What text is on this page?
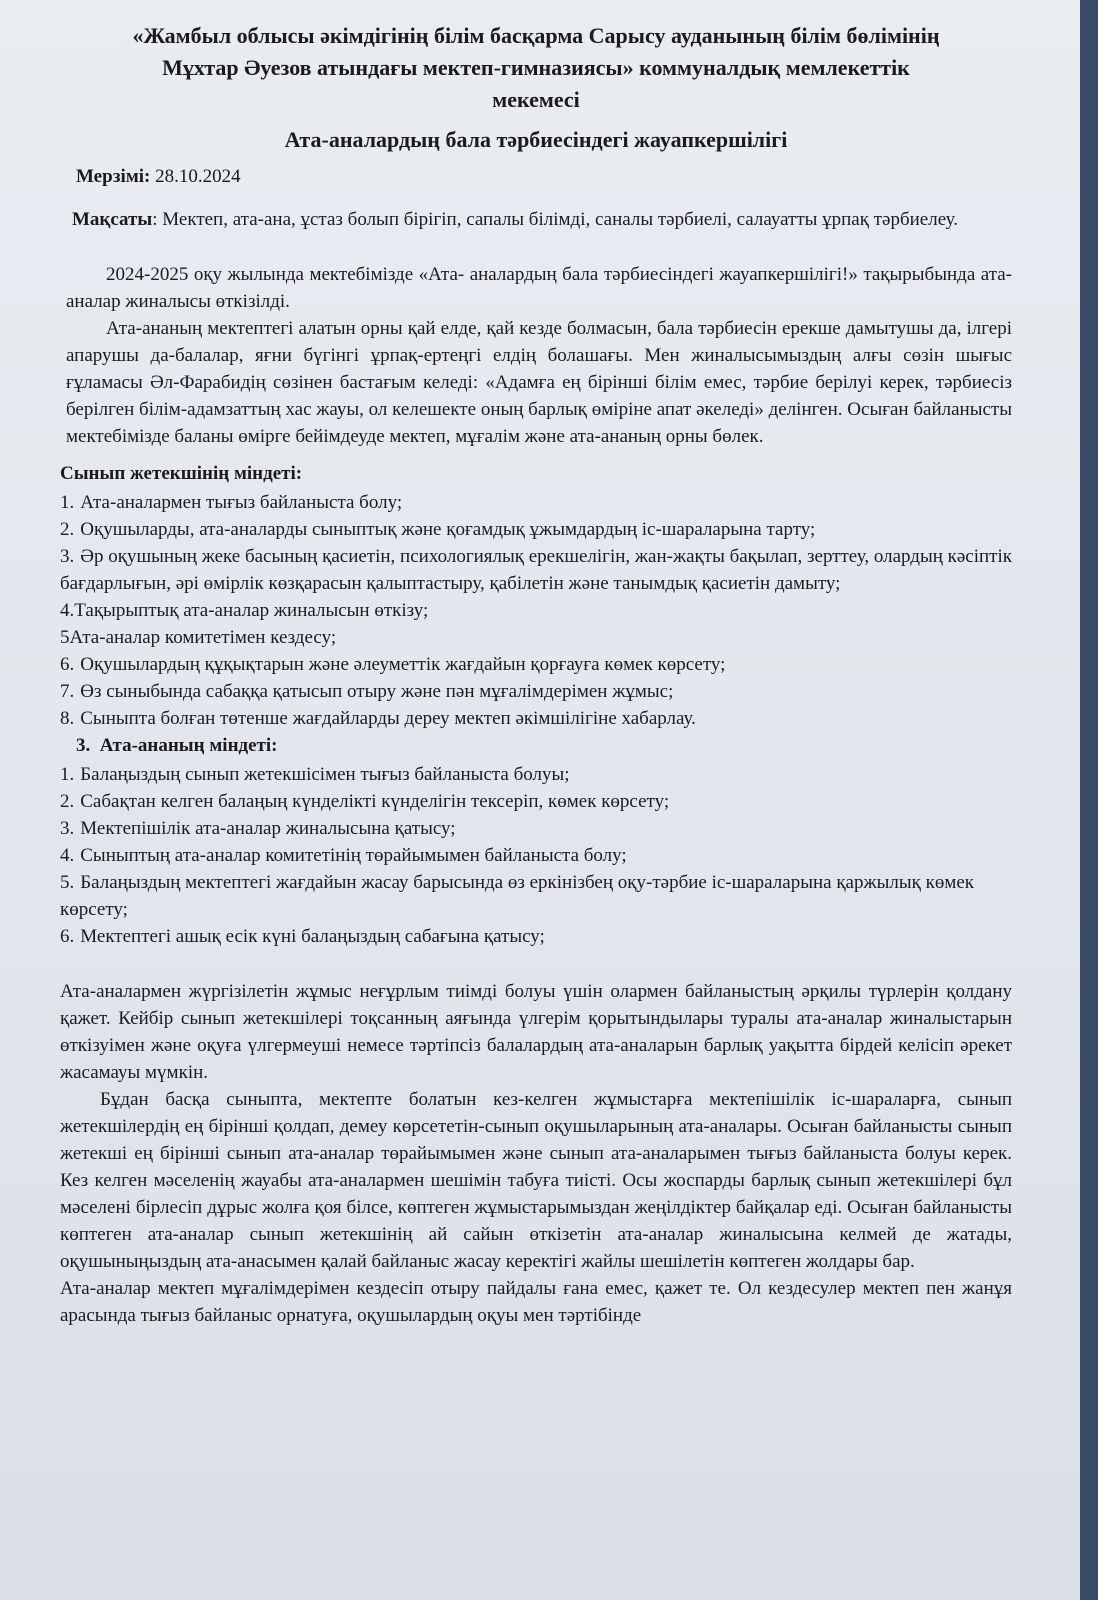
«Жамбыл облысы әкімдігінің білім басқарма Сарысу ауданының білім бөлімінің
Мұхтар Әуезов атындағы мектеп-гимназиясы» коммуналдық мемлекеттік
мекемесі
Ата-аналардың бала тәрбиесіндегі жауапкершілігі
Мерзімі: 28.10.2024
Мақсаты: Мектеп, ата-ана, ұстаз болып бірігіп, сапалы білімді, саналы тәрбиелі, салауатты ұрпақ тәрбиелеу.

2024-2025 оқу жылында мектебімізде «Ата- аналардың бала тәрбиесіндегі жауапкершілігі!» тақырыбында ата-аналар жиналысы өткізілді.

Ата-ананың мектептегі алатын орны қай елде, қай кезде болмасын, бала тәрбиесін ерекше дамытушы да, ілгері апарушы да-балалар, яғни бүгінгі ұрпақ-ертеңгі елдің болашағы. Мен жиналысымыздың алғы сөзін шығыс ғұламасы Әл-Фарабидің сөзінен бастағым келеді: «Адамға ең бірінші білім емес, тәрбие берілуі керек, тәрбиесіз берілген білім-адамзаттың хас жауы, ол келешекте оның барлық өміріне апат әкеледі» делінген. Осыған байланысты мектебімізде баланы өмірге бейімдеуде мектеп, мұғалім және ата-ананың орны бөлек.

Сынып жетекшінің міндеті:
1. Ата-аналармен тығыз байланыста болу;
2. Оқушыларды, ата-аналарды сыныптық және қоғамдық ұжымдардың іс-шараларына тарту;
3. Әр оқушының жеке басының қасиетін, психологиялық ерекшелігін, жан-жақты бақылап, зерттеу, олардың кәсіптік бағдарлығын, әрі өмірлік көзқарасын қалыптастыру, қабілетін және танымдық қасиетін дамыту;
4.Тақырыптық ата-аналар жиналысын өткізу;
5Ата-аналар комитетімен кездесу;
6. Оқушылардың құқықтарын және әлеуметтік жағдайын қорғауға көмек көрсету;
7. Өз сыныбында сабаққа қатысып отыру және пән мұғалімдерімен жұмыс;
8. Сыныпта болған төтенше жағдайларды дереу мектеп әкімшілігіне хабарлау.
3. Ата-ананың міндеті:
1. Балаңыздың сынып жетекшісімен тығыз байланыста болуы;
2. Сабақтан келген балаңың күнделікті күнделігін тексеріп, көмек көрсету;
3. Мектепішілік ата-аналар жиналысына қатысу;
4. Сыныптың ата-аналар комитетінің төрайымымен байланыста болу;
5. Балаңыздың мектептегі жағдайын жасау барысында өз еркінізбең оқу-тәрбие іс-шараларына қаржылық көмек көрсету;
6. Мектептегі ашық есік күні балаңыздың сабағына қатысу;

Ата-аналармен жүргізілетін жұмыс неғұрлым тиімді болуы үшін олармен байланыстың әрқилы түрлерін қолдану қажет. Кейбір сынып жетекшілері тоқсанның аяғында үлгерім қорытындылары туралы ата-аналар жиналыстарын өткізуімен және оқуға үлгермеуші немесе тәртіпсіз балалардың ата-аналарын барлық уақытта бірдей келісіп әрекет жасамауы мүмкін.

Бұдан басқа сыныпта, мектепте болатын кез-келген жұмыстарға мектепішілік іс-шараларға, сынып жетекшілердің ең бірінші қолдап, демеу көрсететін-сынып оқушыларының ата-аналары. Осыған байланысты сынып жетекші ең бірінші сынып ата-аналар төрайымымен және сынып ата-аналарымен тығыз байланыста болуы керек. Кез келген мәселенің жауабы ата-аналармен шешімін табуға тиісті. Осы жоспарды барлық сынып жетекшілері бұл мәселені бірлесіп дұрыс жолға қоя білсе, көптеген жұмыстарымыздан жеңілдіктер байқалар еді. Осыған байланысты көптеген ата-аналар сынып жетекшінің ай сайын өткізетін ата-аналар жиналысына келмей де жатады, оқушыныңыздың ата-анасымен қалай байланыс жасау керектігі жайлы шешілетін көптеген жолдары бар.

Ата-аналар мектеп мұғалімдерімен кездесіп отыру пайдалы ғана емес, қажет те. Ол кездесулер мектеп пен жанұя арасында тығыз байланыс орнатуға, оқушылардың оқуы мен тәртібінде
